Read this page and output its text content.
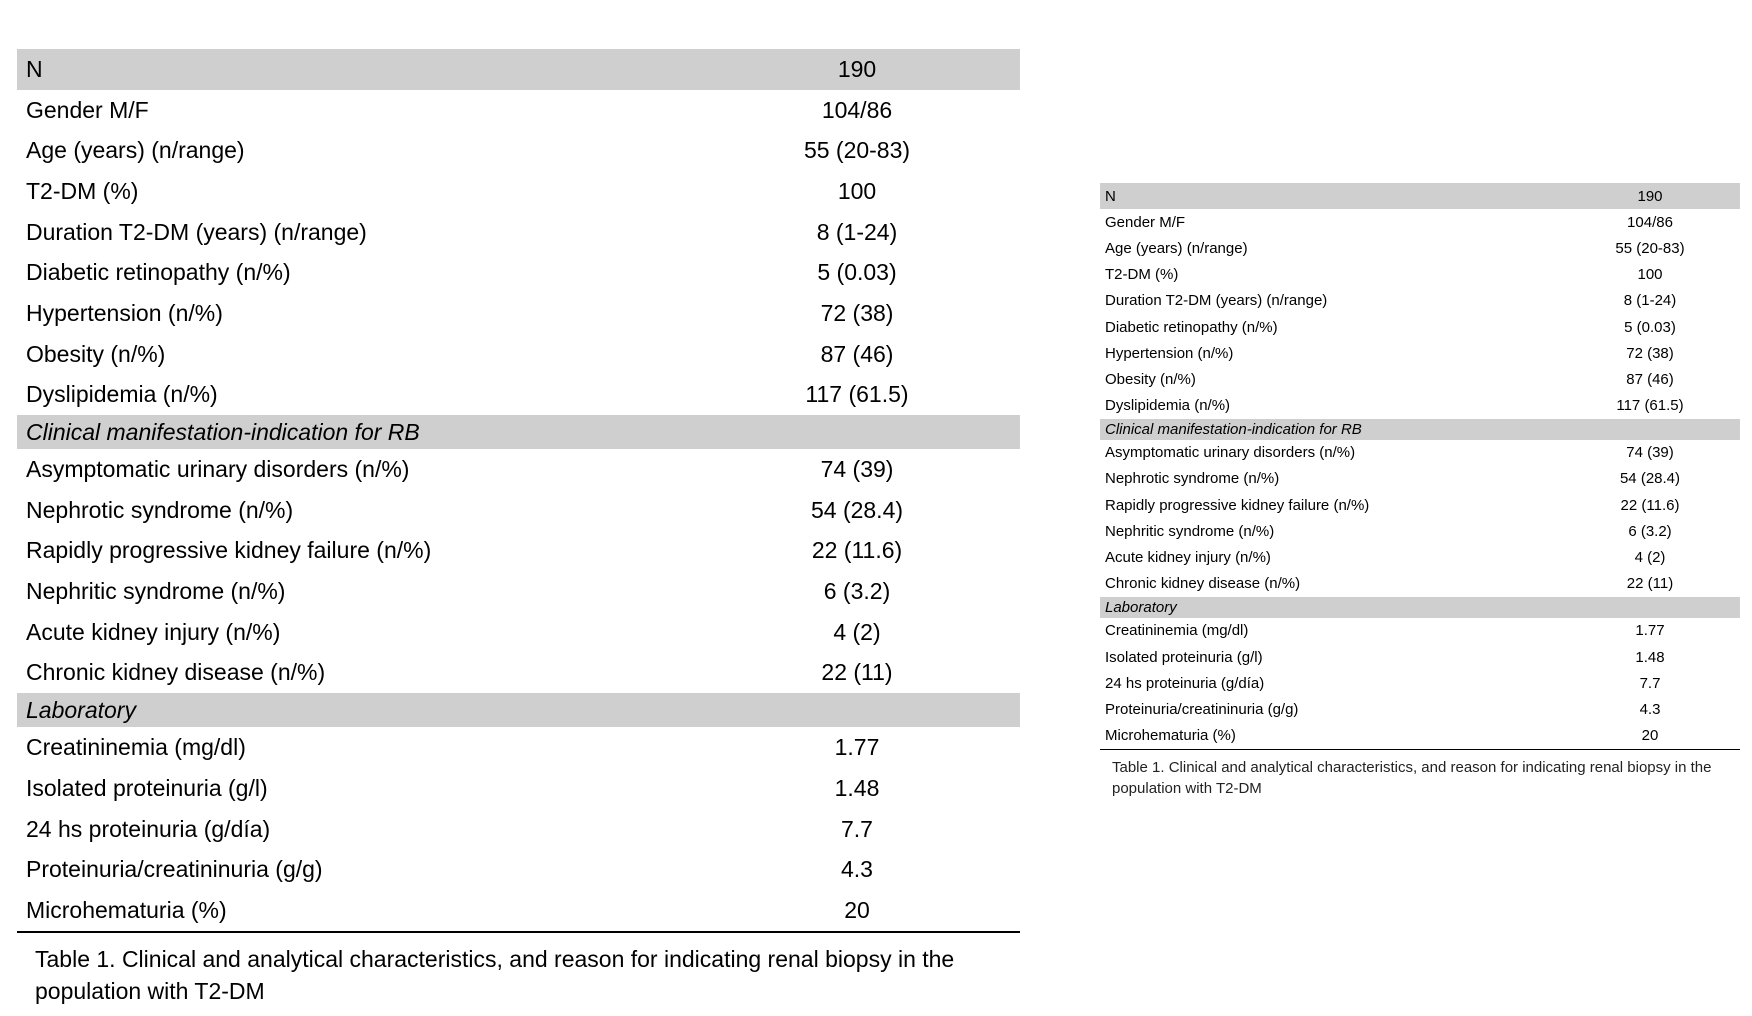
N	190
Gender M/F	104/86
Age (years) (n/range)	55 (20-83)
T2-DM (%)	100
Duration T2-DM (years) (n/range)	8 (1-24)
Diabetic retinopathy (n/%)	5 (0.03)
Hypertension (n/%)	72 (38)
Obesity (n/%)	87 (46)
Dyslipidemia (n/%)	117 (61.5)
Clinical manifestation-indication for RB
Asymptomatic urinary disorders (n/%)	74 (39)
Nephrotic syndrome (n/%)	54 (28.4)
Rapidly progressive kidney failure (n/%)	22 (11.6)
Nephritic syndrome (n/%)	6 (3.2)
Acute kidney injury (n/%)	4 (2)
Chronic kidney disease (n/%)	22 (11)
Laboratory
Creatininemia (mg/dl)	1.77
Isolated proteinuria (g/l)	1.48
24 hs proteinuria (g/día)	7.7
Proteinuria/creatininuria (g/g)	4.3
Microhematuria (%)	20
Table 1. Clinical and analytical characteristics, and reason for indicating renal biopsy in the population with T2-DM
N	190
Gender M/F	104/86
Age (years) (n/range)	55 (20-83)
T2-DM (%)	100
Duration T2-DM (years) (n/range)	8 (1-24)
Diabetic retinopathy (n/%)	5 (0.03)
Hypertension (n/%)	72 (38)
Obesity (n/%)	87 (46)
Dyslipidemia (n/%)	117 (61.5)
Clinical manifestation-indication for RB
Asymptomatic urinary disorders (n/%)	74 (39)
Nephrotic syndrome (n/%)	54 (28.4)
Rapidly progressive kidney failure (n/%)	22 (11.6)
Nephritic syndrome (n/%)	6 (3.2)
Acute kidney injury (n/%)	4 (2)
Chronic kidney disease (n/%)	22 (11)
Laboratory
Creatininemia (mg/dl)	1.77
Isolated proteinuria (g/l)	1.48
24 hs proteinuria (g/día)	7.7
Proteinuria/creatininuria (g/g)	4.3
Microhematuria (%)	20
Table 1. Clinical and analytical characteristics, and reason for indicating renal biopsy in the population with T2-DM
